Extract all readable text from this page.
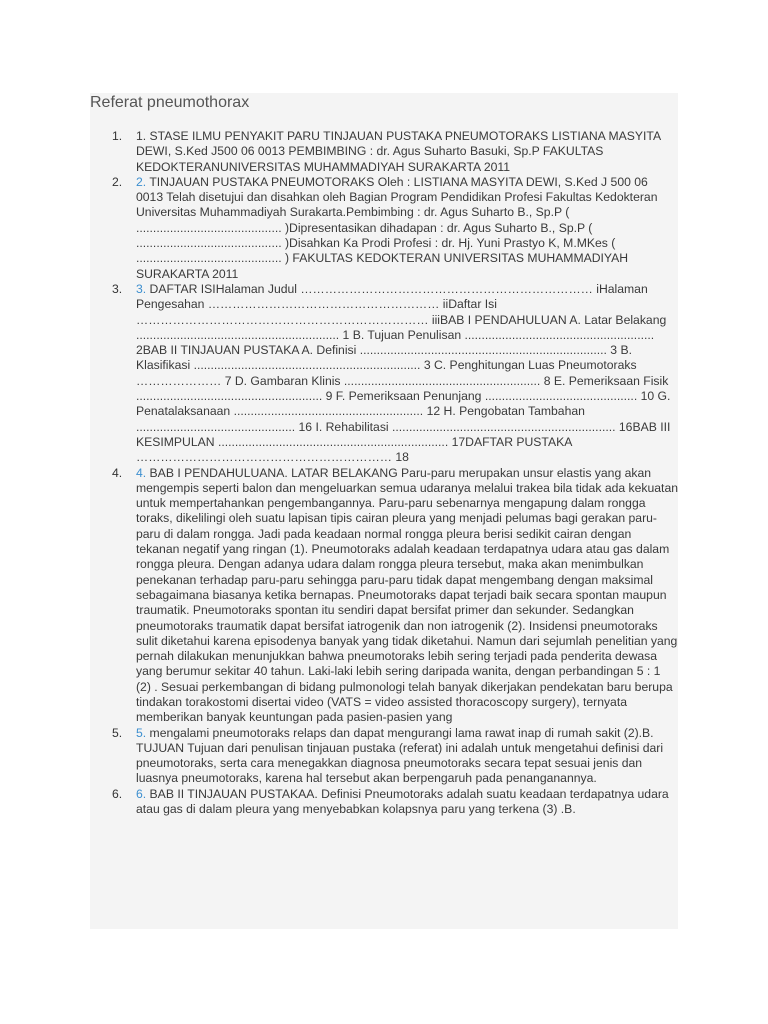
Referat pneumothorax
1. 1. STASE ILMU PENYAKIT PARU TINJAUAN PUSTAKA PNEUMOTORAKS LISTIANA MASYITA DEWI, S.Ked J500 06 0013 PEMBIMBING : dr. Agus Suharto Basuki, Sp.P FAKULTAS KEDOKTERANUNIVERSITAS MUHAMMADIYAH SURAKARTA 2011
2. 2. TINJAUAN PUSTAKA PNEUMOTORAKS Oleh : LISTIANA MASYITA DEWI, S.Ked J 500 06 0013 Telah disetujui dan disahkan oleh Bagian Program Pendidikan Profesi Fakultas Kedokteran Universitas Muhammadiyah Surakarta.Pembimbing : dr. Agus Suharto B., Sp.P ( ........................................... )Dipresentasikan dihadapan : dr. Agus Suharto B., Sp.P ( ........................................... )Disahkan Ka Prodi Profesi : dr. Hj. Yuni Prastyo K, M.MKes ( ........................................... ) FAKULTAS KEDOKTERAN UNIVERSITAS MUHAMMADIYAH SURAKARTA 2011
3. 3. DAFTAR ISIHalaman Judul ……………………………………………………………… iHalaman Pengesahan ………………………………………………… iiDaftar Isi ……………………………………………………………… iiiBAB I PENDAHULUAN A. Latar Belakang ............................................................ 1 B. Tujuan Penulisan ........................................................ 2BAB II TINJAUAN PUSTAKA A. Definisi ......................................................................... 3 B. Klasifikasi ................................................................... 3 C. Penghitungan Luas Pneumotoraks ………………… 7 D. Gambaran Klinis .......................................................... 8 E. Pemeriksaan Fisik ....................................................... 9 F. Pemeriksaan Penunjang ............................................. 10 G. Penatalaksanaan ........................................................ 12 H. Pengobatan Tambahan ............................................... 16 I. Rehabilitasi .................................................................. 16BAB III KESIMPULAN .................................................................... 17DAFTAR PUSTAKA ……………………………………………………… 18
4. 4. BAB I PENDAHULUANA. LATAR BELAKANG Paru-paru merupakan unsur elastis yang akan mengempis seperti balon dan mengeluarkan semua udaranya melalui trakea bila tidak ada kekuatan untuk mempertahankan pengembangannya. Paru-paru sebenarnya mengapung dalam rongga toraks, dikelilingi oleh suatu lapisan tipis cairan pleura yang menjadi pelumas bagi gerakan paru-paru di dalam rongga. Jadi pada keadaan normal rongga pleura berisi sedikit cairan dengan tekanan negatif yang ringan (1). Pneumotoraks adalah keadaan terdapatnya udara atau gas dalam rongga pleura. Dengan adanya udara dalam rongga pleura tersebut, maka akan menimbulkan penekanan terhadap paru-paru sehingga paru-paru tidak dapat mengembang dengan maksimal sebagaimana biasanya ketika bernapas. Pneumotoraks dapat terjadi baik secara spontan maupun traumatik. Pneumotoraks spontan itu sendiri dapat bersifat primer dan sekunder. Sedangkan pneumotoraks traumatik dapat bersifat iatrogenik dan non iatrogenik (2). Insidensi pneumotoraks sulit diketahui karena episodenya banyak yang tidak diketahui. Namun dari sejumlah penelitian yang pernah dilakukan menunjukkan bahwa pneumotoraks lebih sering terjadi pada penderita dewasa yang berumur sekitar 40 tahun. Laki-laki lebih sering daripada wanita, dengan perbandingan 5 : 1 (2) . Sesuai perkembangan di bidang pulmonologi telah banyak dikerjakan pendekatan baru berupa tindakan torakostomi disertai video (VATS = video assisted thoracoscopy surgery), ternyata memberikan banyak keuntungan pada pasien-pasien yang
5. 5. mengalami pneumotoraks relaps dan dapat mengurangi lama rawat inap di rumah sakit (2).B. TUJUAN Tujuan dari penulisan tinjauan pustaka (referat) ini adalah untuk mengetahui definisi dari pneumotoraks, serta cara menegakkan diagnosa pneumotoraks secara tepat sesuai jenis dan luasnya pneumotoraks, karena hal tersebut akan berpengaruh pada penanganannya.
6. 6. BAB II TINJAUAN PUSTAKAA. Definisi Pneumotoraks adalah suatu keadaan terdapatnya udara atau gas di dalam pleura yang menyebabkan kolapsnya paru yang terkena (3) .B.
